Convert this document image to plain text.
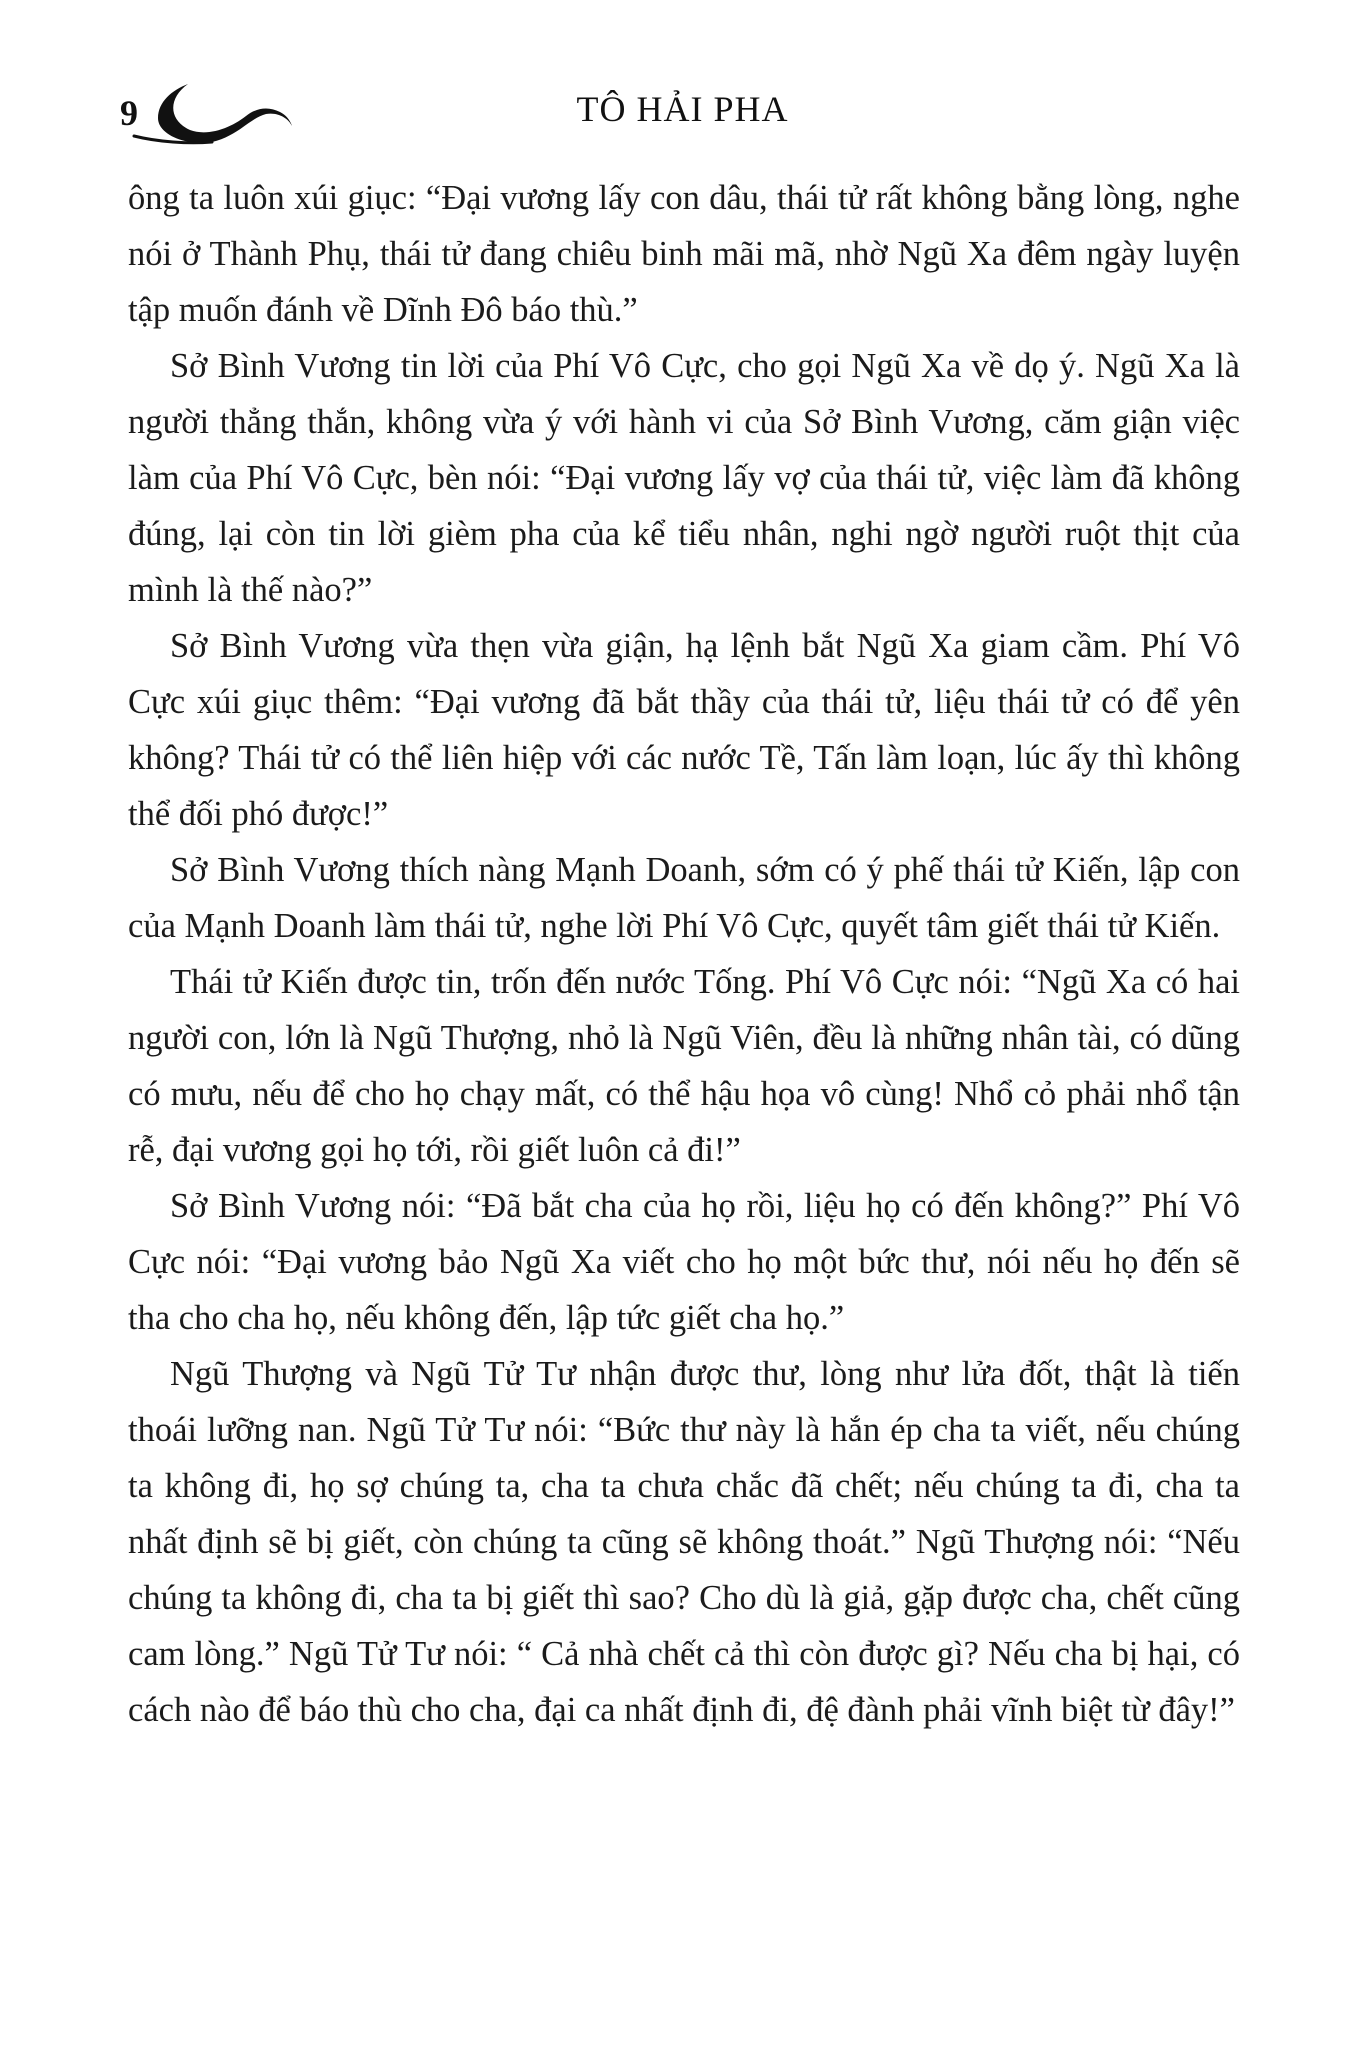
9	TÔ HẢI PHA

ông ta luôn xúi giục: “Đại vương lấy con dâu, thái tử rất không bằng lòng, nghe nói ở Thành Phụ, thái tử đang chiêu binh mãi mã, nhờ Ngũ Xa đêm ngày luyện tập muốn đánh về Dĩnh Đô báo thù.”

Sở Bình Vương tin lời của Phí Vô Cực, cho gọi Ngũ Xa về dọ ý. Ngũ Xa là người thẳng thắn, không vừa ý với hành vi của Sở Bình Vương, căm giận việc làm của Phí Vô Cực, bèn nói: “Đại vương lấy vợ của thái tử, việc làm đã không đúng, lại còn tin lời gièm pha của kể tiểu nhân, nghi ngờ người ruột thịt của mình là thế nào?”

Sở Bình Vương vừa thẹn vừa giận, hạ lệnh bắt Ngũ Xa giam cầm. Phí Vô Cực xúi giục thêm: “Đại vương đã bắt thầy của thái tử, liệu thái tử có để yên không? Thái tử có thể liên hiệp với các nước Tề, Tấn làm loạn, lúc ấy thì không thể đối phó được!”

Sở Bình Vương thích nàng Mạnh Doanh, sớm có ý phế thái tử Kiến, lập con của Mạnh Doanh làm thái tử, nghe lời Phí Vô Cực, quyết tâm giết thái tử Kiến.

Thái tử Kiến được tin, trốn đến nước Tống. Phí Vô Cực nói: “Ngũ Xa có hai người con, lớn là Ngũ Thượng, nhỏ là Ngũ Viên, đều là những nhân tài, có dũng có mưu, nếu để cho họ chạy mất, có thể hậu họa vô cùng! Nhổ cỏ phải nhổ tận rễ, đại vương gọi họ tới, rồi giết luôn cả đi!”

Sở Bình Vương nói: “Đã bắt cha của họ rồi, liệu họ có đến không?” Phí Vô Cực nói: “Đại vương bảo Ngũ Xa viết cho họ một bức thư, nói nếu họ đến sẽ tha cho cha họ, nếu không đến, lập tức giết cha họ.”

Ngũ Thượng và Ngũ Tử Tư nhận được thư, lòng như lửa đốt, thật là tiến thoái lưỡng nan. Ngũ Tử Tư nói: “Bức thư này là hắn ép cha ta viết, nếu chúng ta không đi, họ sợ chúng ta, cha ta chưa chắc đã chết; nếu chúng ta đi, cha ta nhất định sẽ bị giết, còn chúng ta cũng sẽ không thoát.” Ngũ Thượng nói: “Nếu chúng ta không đi, cha ta bị giết thì sao? Cho dù là giả, gặp được cha, chết cũng cam lòng.” Ngũ Tử Tư nói: “ Cả nhà chết cả thì còn được gì? Nếu cha bị hại, có cách nào để báo thù cho cha, đại ca nhất định đi, đệ đành phải vĩnh biệt từ đây!”
